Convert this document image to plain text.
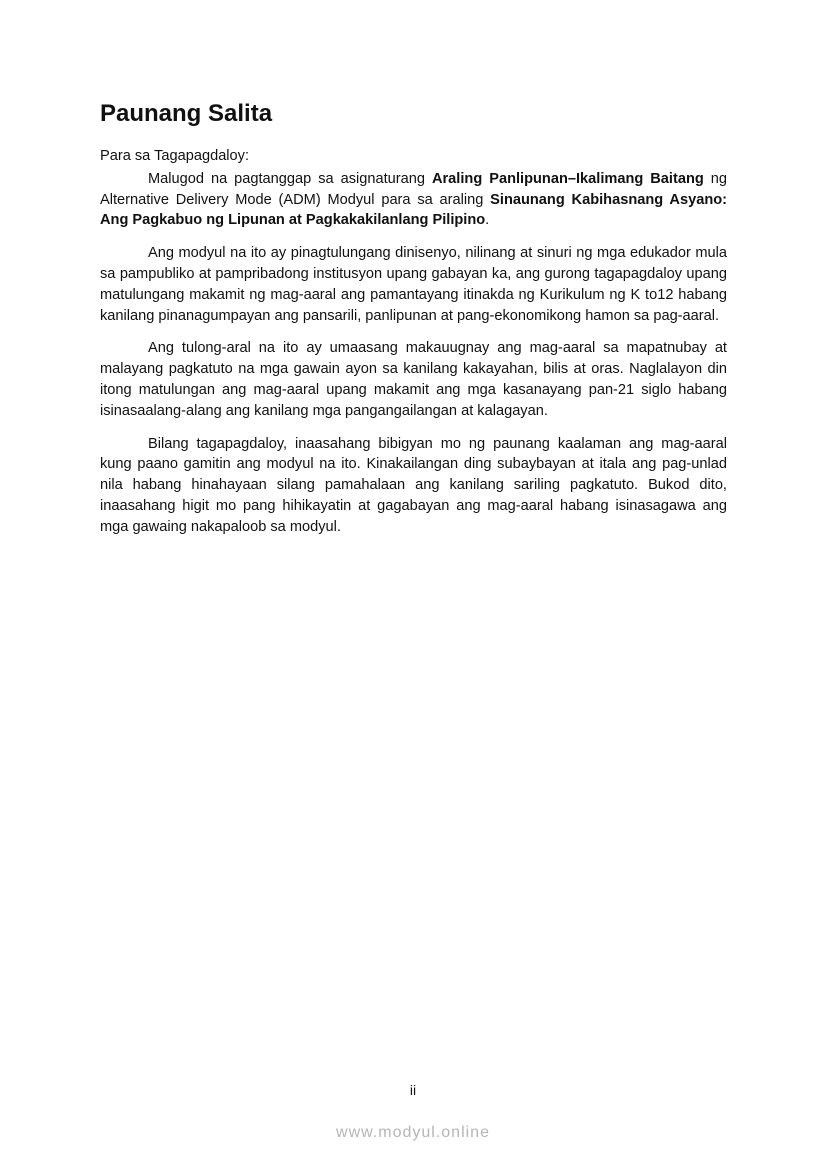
Paunang Salita

Para sa Tagapagdaloy:

Malugod na pagtanggap sa asignaturang Araling Panlipunan–Ikalimang Baitang ng Alternative Delivery Mode (ADM) Modyul para sa araling Sinaunang Kabihasnang Asyano: Ang Pagkabuo ng Lipunan at Pagkakakilanlang Pilipino.

Ang modyul na ito ay pinagtulungang dinisenyo, nilinang at sinuri ng mga edukador mula sa pampubliko at pampribadong institusyon upang gabayan ka, ang gurong tagapagdaloy upang matulungang makamit ng mag-aaral ang pamantayang itinakda ng Kurikulum ng K to12 habang kanilang pinanagumpayan ang pansarili, panlipunan at pang-ekonomikong hamon sa pag-aaral.

Ang tulong-aral na ito ay umaasang makauugnay ang mag-aaral sa mapatnubay at malayang pagkatuto na mga gawain ayon sa kanilang kakayahan, bilis at oras. Naglalayon din itong matulungan ang mag-aaral upang makamit ang mga kasanayang pan-21 siglo habang isinasaalang-alang ang kanilang mga pangangailangan at kalagayan.

Bilang tagapagdaloy, inaasahang bibigyan mo ng paunang kaalaman ang mag-aaral kung paano gamitin ang modyul na ito. Kinakailangan ding subaybayan at itala ang pag-unlad nila habang hinahayaan silang pamahalaan ang kanilang sariling pagkatuto. Bukod dito, inaasahang higit mo pang hihikayatin at gagabayan ang mag-aaral habang isinasagawa ang mga gawaing nakapaloob sa modyul.

ii
www.modyul.online
